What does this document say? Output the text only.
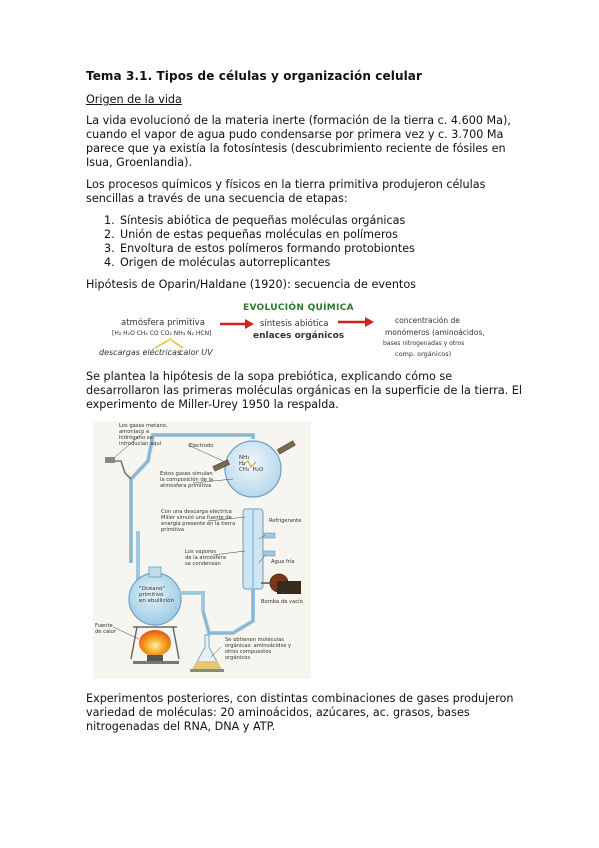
Tema 3.1. Tipos de células y organización celular
Origen de la vida
La vida evolucionó de la materia inerte (formación de la tierra c. 4.600 Ma), cuando el vapor de agua pudo condensarse por primera vez y c. 3.700 Ma parece que ya existía la fotosíntesis (descubrimiento reciente de fósiles en Isua, Groenlandia).
Los procesos químicos y físicos en la tierra primitiva produjeron células sencillas a través de una secuencia de etapas:
1. Síntesis abiótica de pequeñas moléculas orgánicas
2. Unión de estas pequeñas moléculas en polímeros
3. Envoltura de estos polímeros formando protobiontes
4. Origen de moléculas autorreplicantes
Hipótesis de Oparin/Haldane (1920): secuencia de eventos
EVOLUCIÓN QUÍMICA
atmósfera primitiva
[H₂ H₂O CH₄ CO CO₂ NH₃ N₂ HCN]
descargas eléctricas
calor UV
síntesis abiótica
enlaces orgánicos
concentración de
monómeros (aminoácidos,
bases nitrogenadas y otros
comp. orgánicos)
Se plantea la hipótesis de la sopa prebiótica, explicando cómo se desarrollaron las primeras moléculas orgánicas en la superficie de la tierra. El experimento de Miller-Urey 1950 la respalda.
Los gases metano,
amoníaco e
hidrógeno se
introducían aquí	Electrodo
Estos gases simulan
la composición de la
atmósfera primitiva
NH₃
H₂
CH₄  H₂O
Con una descarga eléctrica
Miller simuló una fuente de
energía presente en la tierra
primitiva
Refrigerante
Los vapores
de la atmósfera
se condensan	Agua fría
Bomba de vacío
"Océano"
primitivo
en ebullición
Fuente
de calor
Se obtienen moléculas
orgánicas: aminoácidos y
otros compuestos
orgánicos
Experimentos posteriores, con distintas combinaciones de gases produjeron variedad de moléculas: 20 aminoácidos, azúcares, ac. grasos, bases nitrogenadas del RNA, DNA y ATP.
